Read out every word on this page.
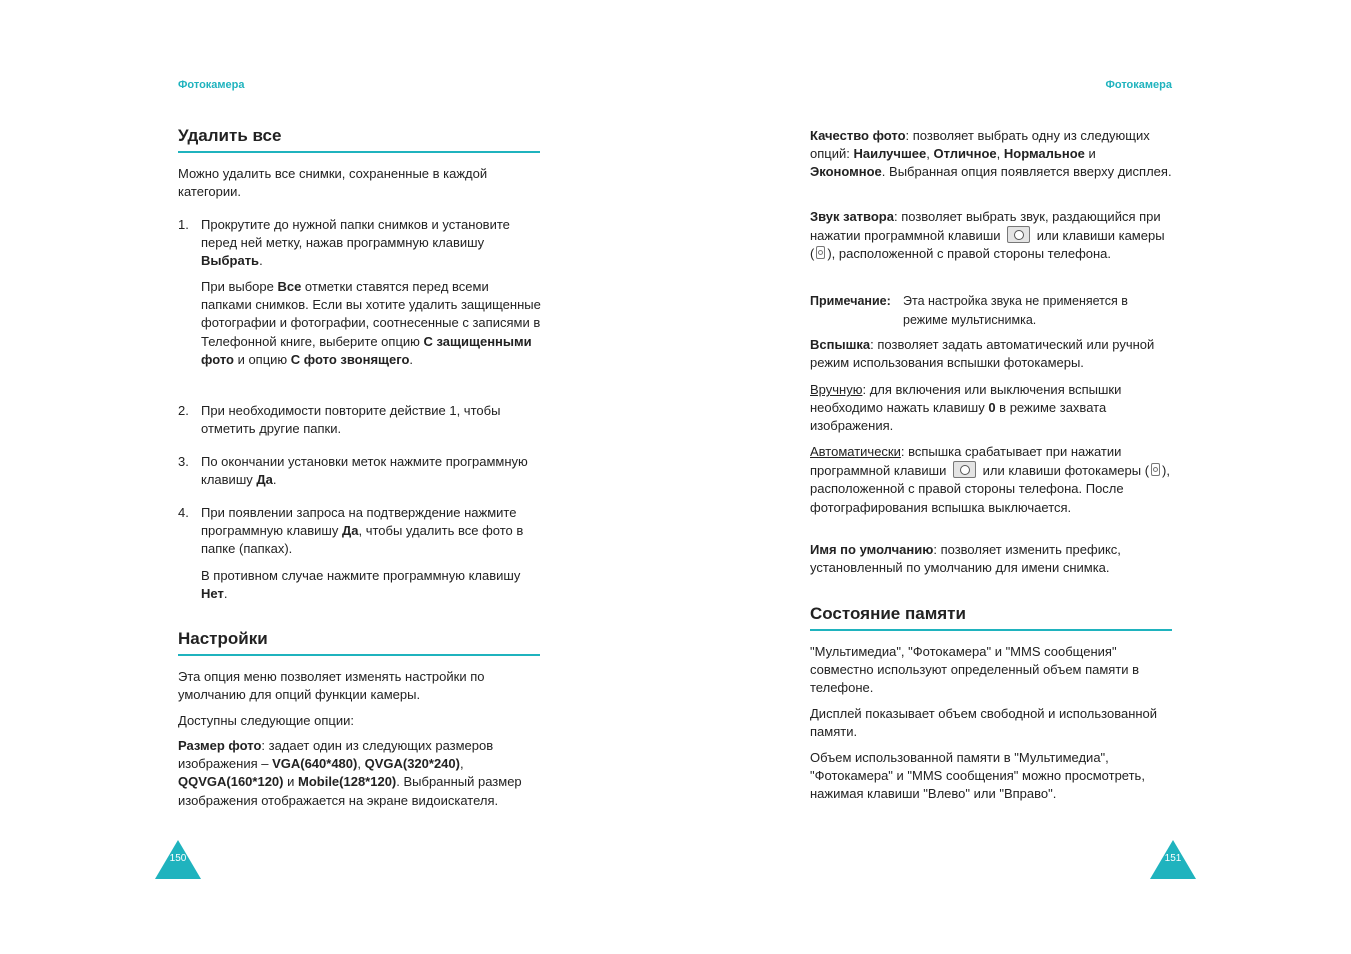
Фотокамера
Удалить все
Можно удалить все снимки, сохраненные в каждой категории.
1. Прокрутите до нужной папки снимков и установите перед ней метку, нажав программную клавишу Выбрать.
При выборе Все отметки ставятся перед всеми папками снимков. Если вы хотите удалить защищенные фотографии и фотографии, соотнесенные с записями в Телефонной книге, выберите опцию С защищенными фото и опцию С фото звонящего.
2. При необходимости повторите действие 1, чтобы отметить другие папки.
3. По окончании установки меток нажмите программную клавишу Да.
4. При появлении запроса на подтверждение нажмите программную клавишу Да, чтобы удалить все фото в папке (папках).
В противном случае нажмите программную клавишу Нет.
Настройки
Эта опция меню позволяет изменять настройки по умолчанию для опций функции камеры.
Доступны следующие опции:
Размер фото: задает один из следующих размеров изображения – VGA(640*480), QVGA(320*240), QQVGA(160*120) и Mobile(128*120). Выбранный размер изображения отображается на экране видоискателя.
150
Фотокамера
Качество фото: позволяет выбрать одну из следующих опций: Наилучшее, Отличное, Нормальное и Экономное. Выбранная опция появляется вверху дисплея.
Звук затвора: позволяет выбрать звук, раздающийся при нажатии программной клавиши	или клавиши камеры ( ), расположенной с правой стороны телефона.
Примечание: Эта настройка звука не применяется в режиме мультиснимка.
Вспышка: позволяет задать автоматический или ручной режим использования вспышки фотокамеры.
Вручную: для включения или выключения вспышки необходимо нажать клавишу 0 в режиме захвата изображения.
Автоматически: вспышка срабатывает при нажатии программной клавиши	или клавиши фотокамеры ( ), расположенной с правой стороны телефона. После фотографирования вспышка выключается.
Имя по умолчанию: позволяет изменить префикс, установленный по умолчанию для имени снимка.
Состояние памяти
"Мультимедиа", "Фотокамера" и "MMS сообщения" совместно используют определенный объем памяти в телефоне.
Дисплей показывает объем свободной и использованной памяти.
Объем использованной памяти в "Мультимедиа", "Фотокамера" и "MMS сообщения" можно просмотреть, нажимая клавиши "Влево" или "Вправо".
151
